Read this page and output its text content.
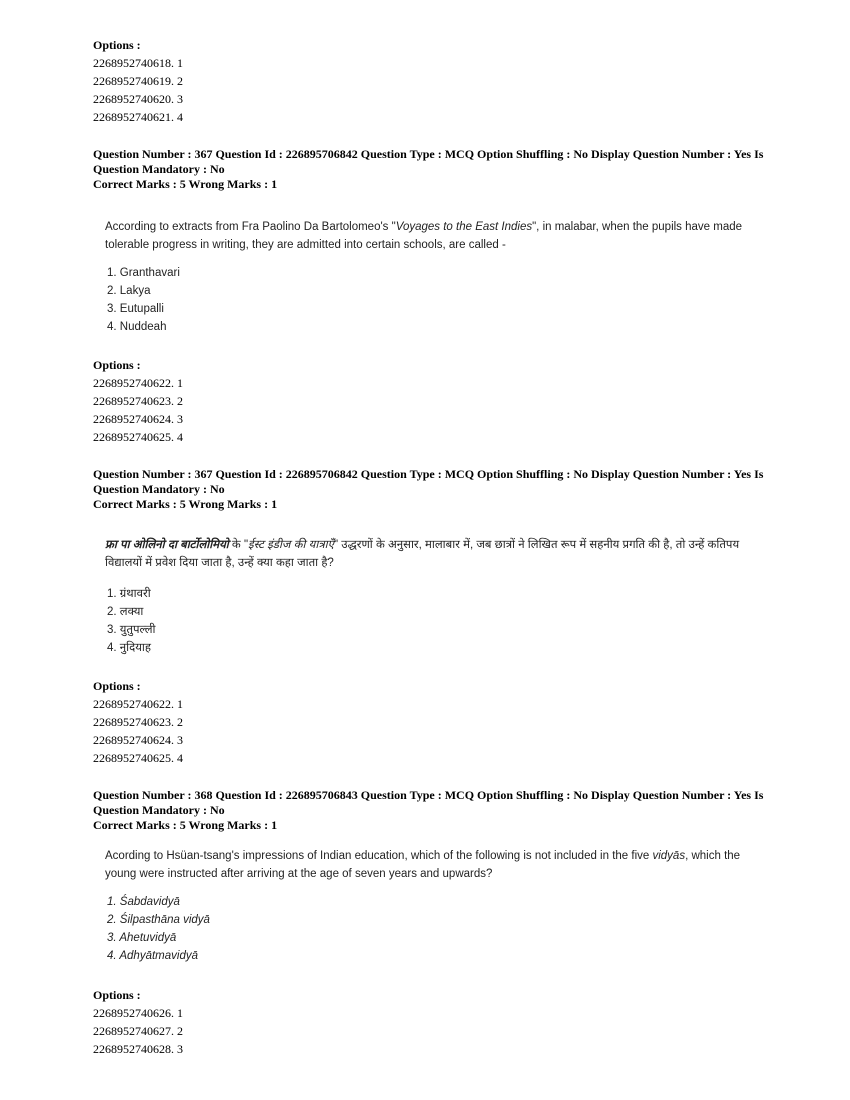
Options :
2268952740618. 1
2268952740619. 2
2268952740620. 3
2268952740621. 4
Question Number : 367 Question Id : 226895706842 Question Type : MCQ Option Shuffling : No Display Question Number : Yes Is
Question Mandatory : No
Correct Marks : 5 Wrong Marks : 1
According to extracts from Fra Paolino Da Bartolomeo's "Voyages to the East Indies", in malabar, when the pupils have made tolerable progress in writing, they are admitted into certain schools, are called -
1. Granthavari
2. Lakya
3. Eutupalli
4. Nuddeah
Options :
2268952740622. 1
2268952740623. 2
2268952740624. 3
2268952740625. 4
Question Number : 367 Question Id : 226895706842 Question Type : MCQ Option Shuffling : No Display Question Number : Yes Is
Question Mandatory : No
Correct Marks : 5 Wrong Marks : 1
फ्रा पा ओलिनो दा बार्टोलोमियो के "ईस्ट इंडीज की यात्राएँ" उद्धरणों के अनुसार, मालाबार में, जब छात्रों ने लिखित रूप में सहनीय प्रगति की है, तो उन्हें कतिपय विद्यालयों में प्रवेश दिया जाता है, उन्हें क्या कहा जाता है?
1. ग्रंथावरी
2. लक्या
3. युतुपल्ली
4. नुदियाह
Options :
2268952740622. 1
2268952740623. 2
2268952740624. 3
2268952740625. 4
Question Number : 368 Question Id : 226895706843 Question Type : MCQ Option Shuffling : No Display Question Number : Yes Is
Question Mandatory : No
Correct Marks : 5 Wrong Marks : 1
Acording to Hsüan-tsang's impressions of Indian education, which of the following is not included in the five vidyās, which the young were instructed after arriving at the age of seven years and upwards?
1. Śabdavidyā
2. Śilpasthāna vidyā
3. Ahetuvidyā
4. Adhyātmavidyā
Options :
2268952740626. 1
2268952740627. 2
2268952740628. 3
